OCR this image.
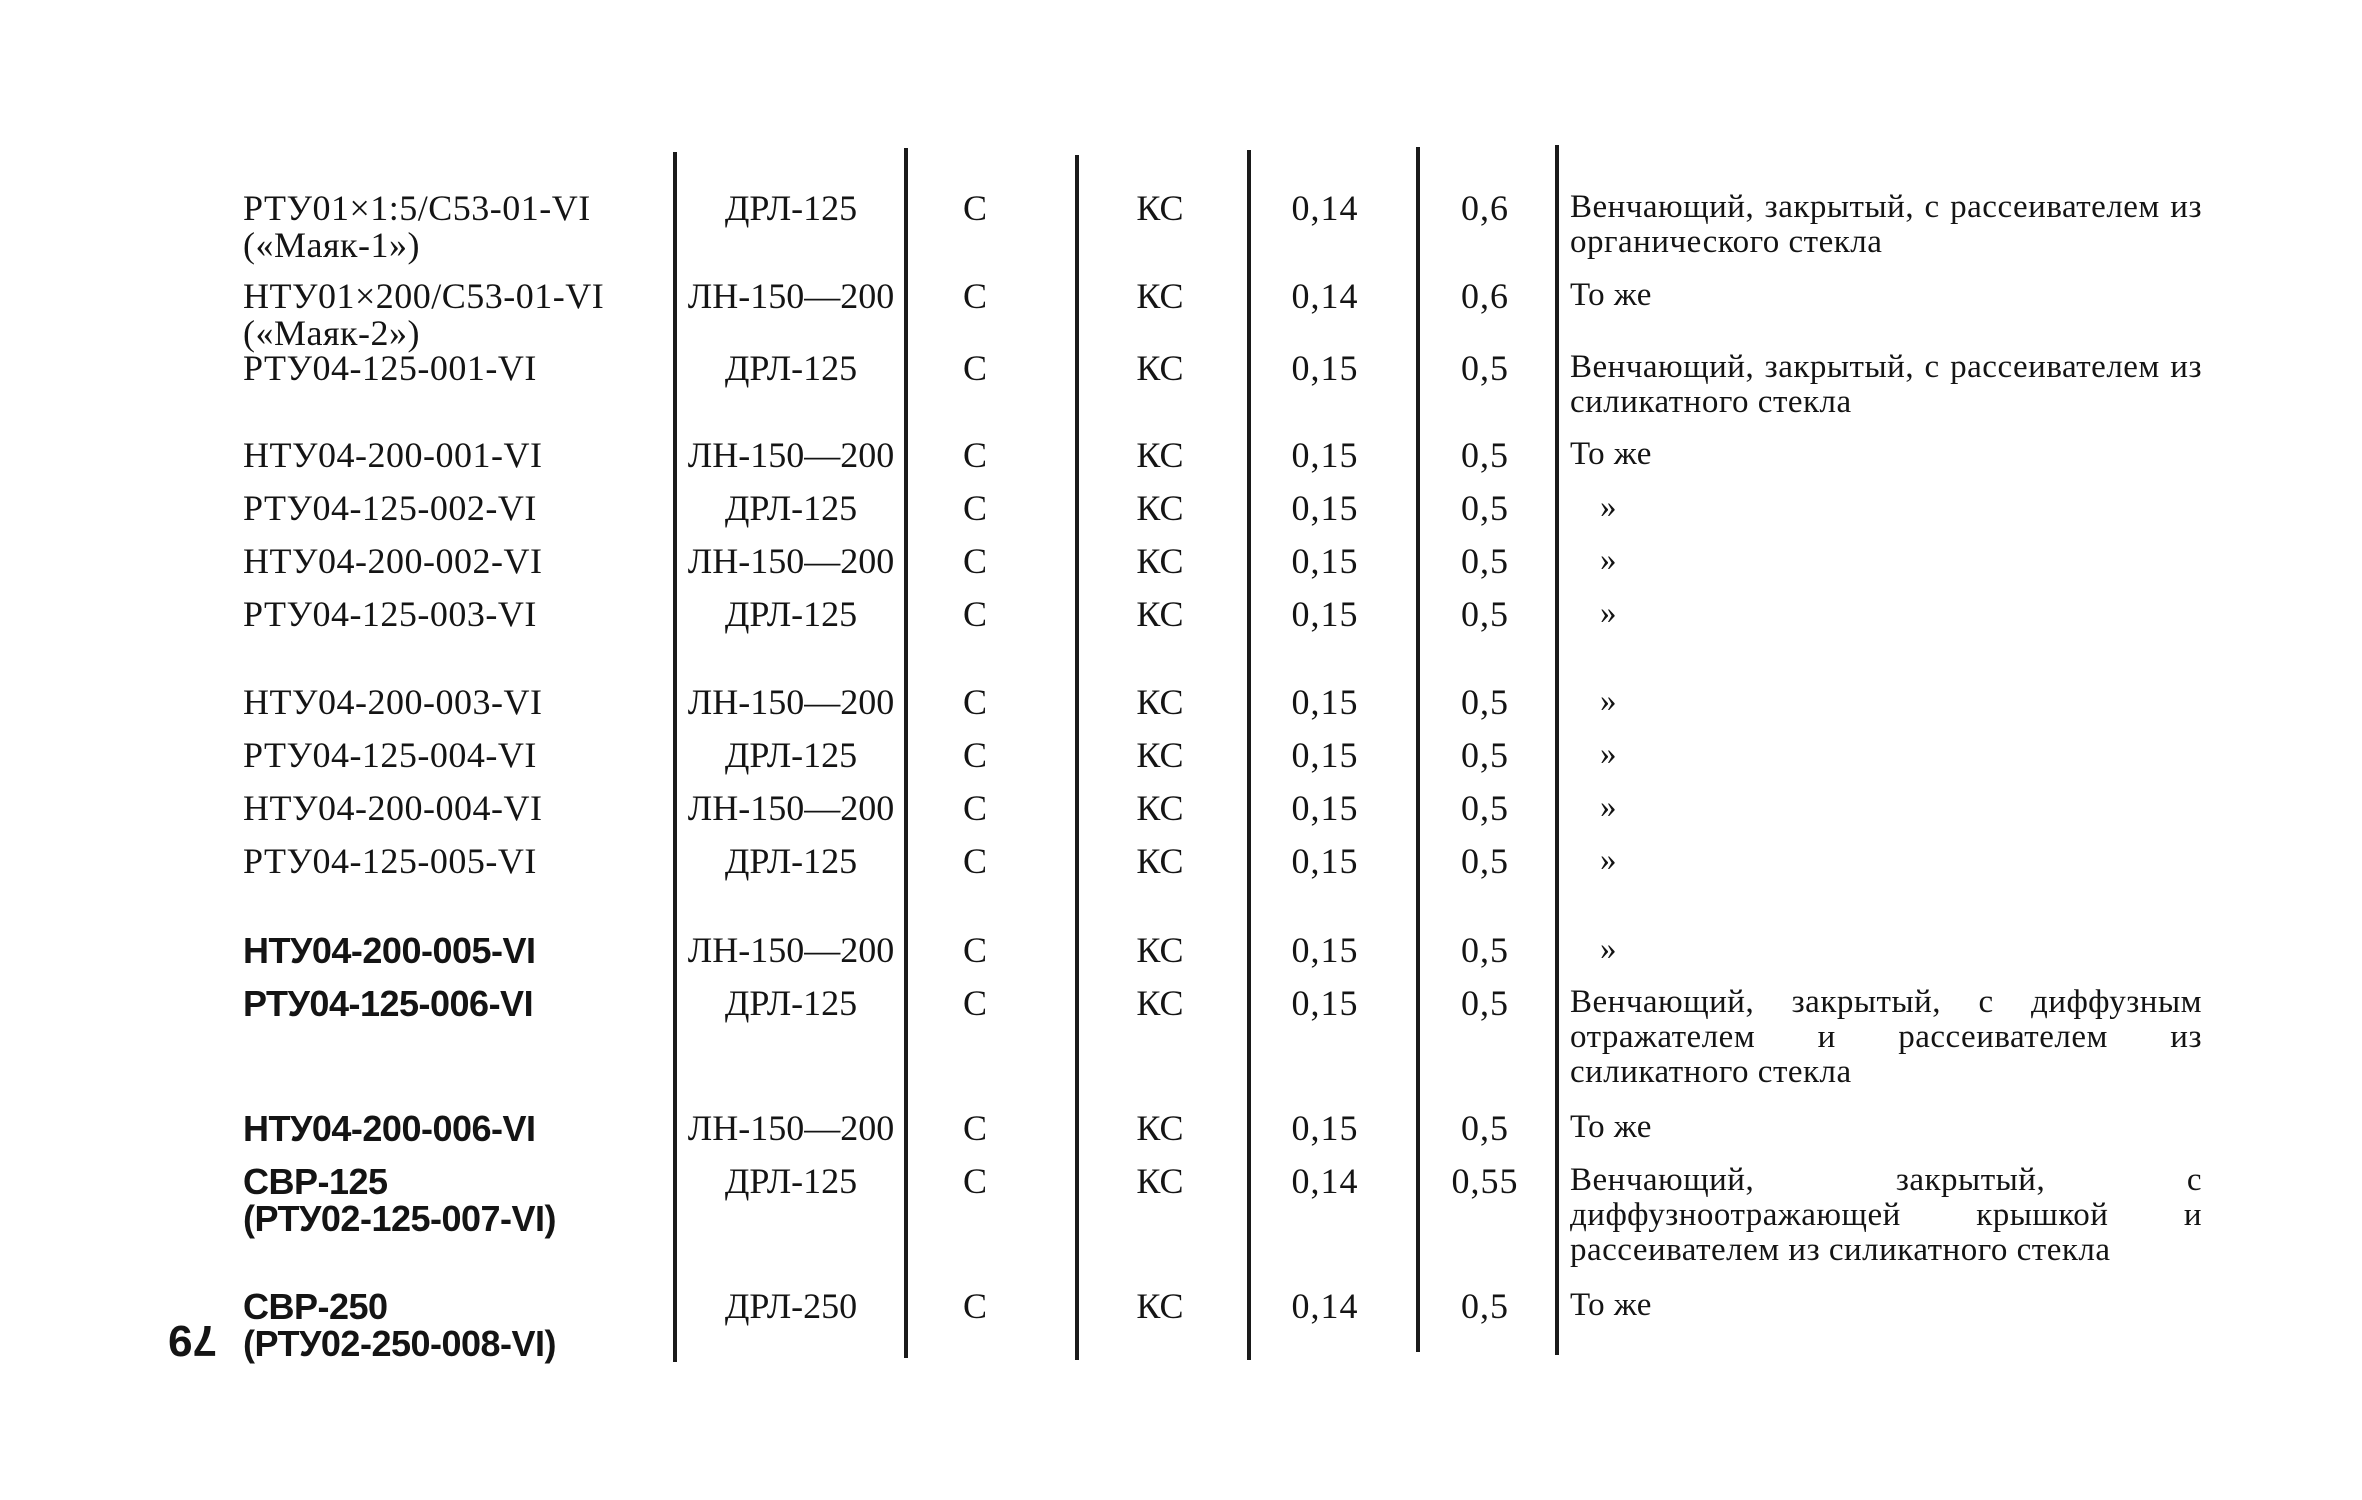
РТУ01×1:5/С53-01-VI
(«Маяк-1»)
ДРЛ-125	С	КС	0,14	0,6	Венчающий, закрытый, с рассеивателем из органического стекла
НТУ01×200/С53-01-VI
(«Маяк-2»)
ЛН-150—200	С	КС	0,14	0,6	То же
РТУ04-125-001-VI	ДРЛ-125	С	КС	0,15	0,5	Венчающий, закрытый, с рассеивателем из силикатного стекла
НТУ04-200-001-VI	ЛН-150—200	С	КС	0,15	0,5	То же
РТУ04-125-002-VI	ДРЛ-125	С	КС	0,15	0,5	»
НТУ04-200-002-VI	ЛН-150—200	С	КС	0,15	0,5	»
РТУ04-125-003-VI	ДРЛ-125	С	КС	0,15	0,5	»
НТУ04-200-003-VI	ЛН-150—200	С	КС	0,15	0,5	»
РТУ04-125-004-VI	ДРЛ-125	С	КС	0,15	0,5	»
НТУ04-200-004-VI	ЛН-150—200	С	КС	0,15	0,5	»
РТУ04-125-005-VI	ДРЛ-125	С	КС	0,15	0,5	»
НТУ04-200-005-VI	ЛН-150—200	С	КС	0,15	0,5	»
РТУ04-125-006-VI	ДРЛ-125	С	КС	0,15	0,5	Венчающий, закрытый, с диффузным отражателем и рассеивателем из силикатного стекла
НТУ04-200-006-VI	ЛН-150—200	С	КС	0,15	0,5	То же
СВР-125
(РТУ02-125-007-VI)
ДРЛ-125	С	КС	0,14	0,55	Венчающий, закрытый, с диффузноотражающей крышкой и рассеивателем из силикатного стекла
СВР-250
(РТУ02-250-008-VI)
ДРЛ-250	С	КС	0,14	0,5	То же
79
